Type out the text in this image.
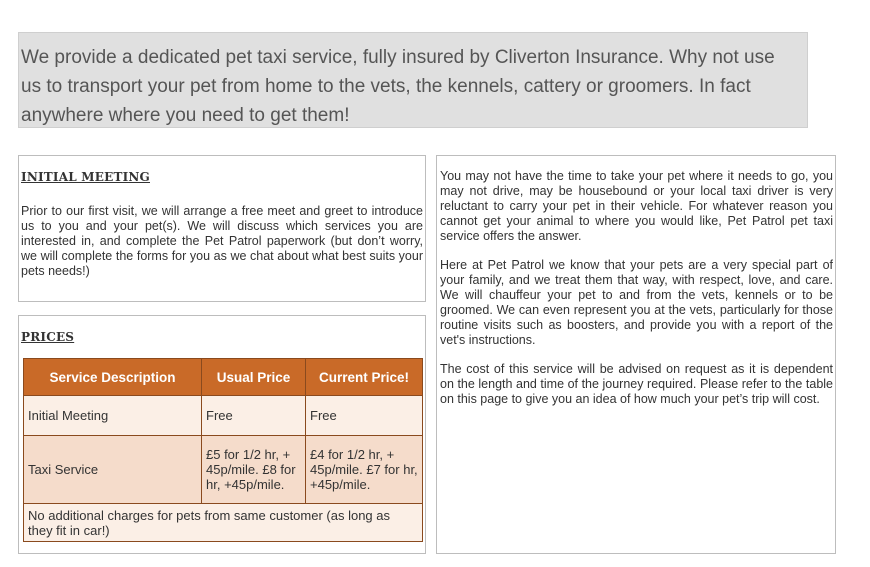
We provide a dedicated pet taxi service, fully insured by Cliverton Insurance. Why not use us to transport your pet from home to the vets, the kennels, cattery or groomers. In fact anywhere where you need to get them!
INITIAL MEETING

Prior to our first visit, we will arrange a free meet and greet to introduce us to you and your pet(s). We will discuss which services you are interested in, and complete the Pet Patrol paperwork (but don’t worry, we will complete the forms for you as we chat about what best suits your pets needs!)

PRICES
Service Description	Usual Price	Current Price!
Initial Meeting	Free	Free
Taxi Service	£5 for 1/2 hr, + 45p/mile. £8 for hr, +45p/mile.	£4 for 1/2 hr, + 45p/mile. £7 for hr, +45p/mile.
No additional charges for pets from same customer (as long as they fit in car!)		

You may not have the time to take your pet where it needs to go, you may not drive, may be housebound or your local taxi driver is very reluctant to carry your pet in their vehicle. For whatever reason you cannot get your animal to where you would like, Pet Patrol pet taxi service offers the answer.

Here at Pet Patrol we know that your pets are a very special part of your family, and we treat them that way, with respect, love, and care. We will chauffeur your pet to and from the vets, kennels or to be groomed. We can even represent you at the vets, particularly for those routine visits such as boosters, and provide you with a report of the vet's instructions.

The cost of this service will be advised on request as it is dependent on the length and time of the journey required. Please refer to the table on this page to give you an idea of how much your pet’s trip will cost.
